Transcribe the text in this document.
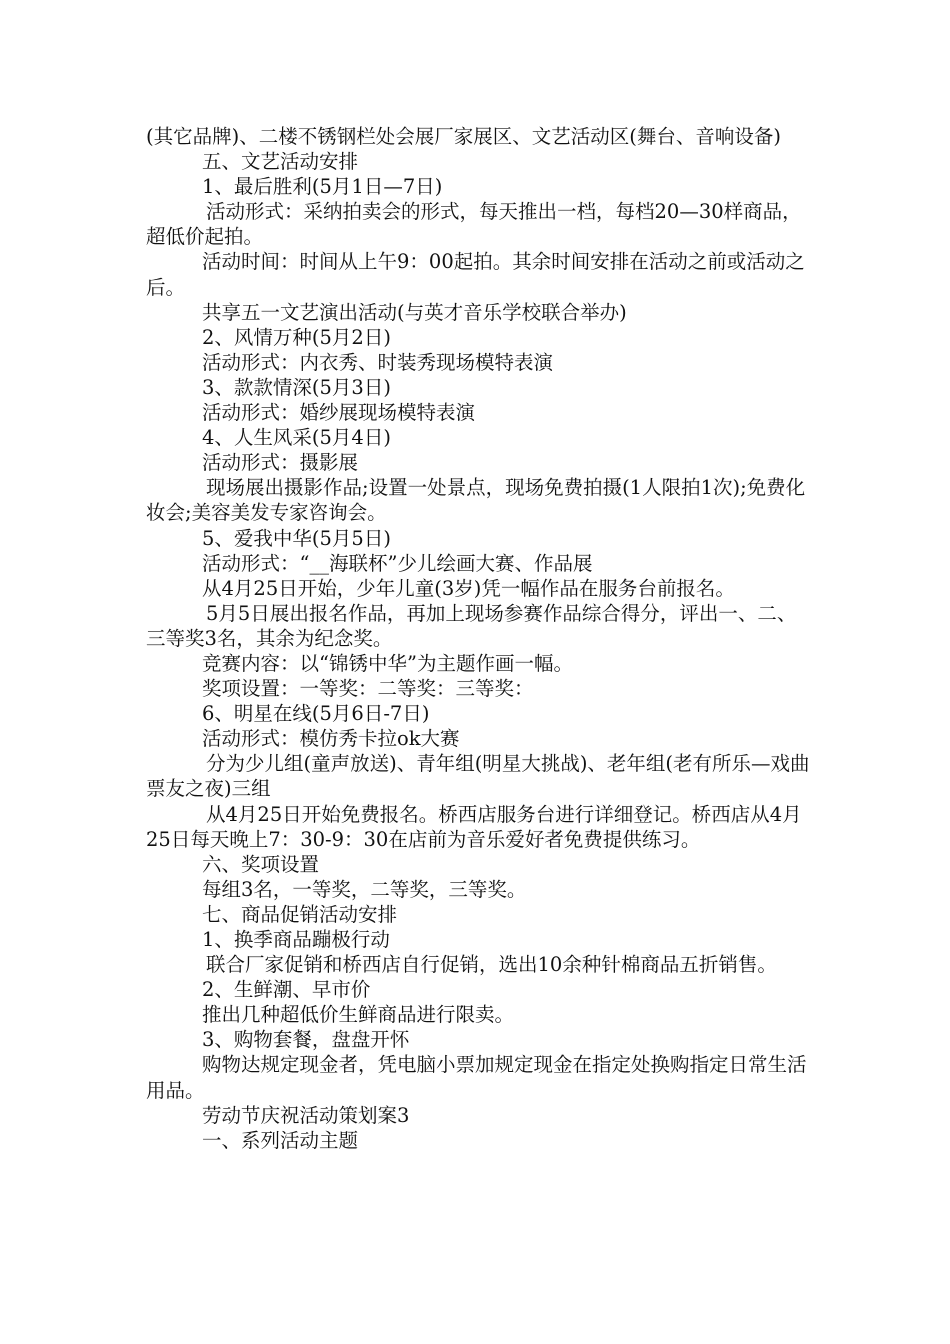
(其它品牌)、二楼不锈钢栏处会展厂家展区、文艺活动区(舞台、音响设备)

五、文艺活动安排

1、最后胜利(5月1日—7日)

活动形式：采纳拍卖会的形式，每天推出一档，每档20—30样商品，超低价起拍。

活动时间：时间从上午9：00起拍。其余时间安排在活动之前或活动之后。

共享五一文艺演出活动(与英才音乐学校联合举办)

2、风情万种(5月2日)

活动形式：内衣秀、时装秀现场模特表演

3、款款情深(5月3日)

活动形式：婚纱展现场模特表演

4、人生风采(5月4日)

活动形式：摄影展

现场展出摄影作品;设置一处景点，现场免费拍摄(1人限拍1次);免费化妆会;美容美发专家咨询会。

5、爱我中华(5月5日)

活动形式：“__海联杯”少儿绘画大赛、作品展

从4月25日开始，少年儿童(3岁)凭一幅作品在服务台前报名。

5月5日展出报名作品，再加上现场参赛作品综合得分，评出一、二、三等奖3名，其余为纪念奖。

竞赛内容：以“锦锈中华”为主题作画一幅。

奖项设置：一等奖：二等奖：三等奖：

6、明星在线(5月6日-7日)

活动形式：模仿秀卡拉ok大赛

分为少儿组(童声放送)、青年组(明星大挑战)、老年组(老有所乐—戏曲票友之夜)三组

从4月25日开始免费报名。桥西店服务台进行详细登记。桥西店从4月25日每天晚上7：30-9：30在店前为音乐爱好者免费提供练习。

六、奖项设置

每组3名，一等奖，二等奖，三等奖。

七、商品促销活动安排

1、换季商品蹦极行动

联合厂家促销和桥西店自行促销，选出10余种针棉商品五折销售。

2、生鲜潮、早市价

推出几种超低价生鲜商品进行限卖。

3、购物套餐，盘盘开怀

购物达规定现金者，凭电脑小票加规定现金在指定处换购指定日常生活用品。

劳动节庆祝活动策划案3

一、系列活动主题
